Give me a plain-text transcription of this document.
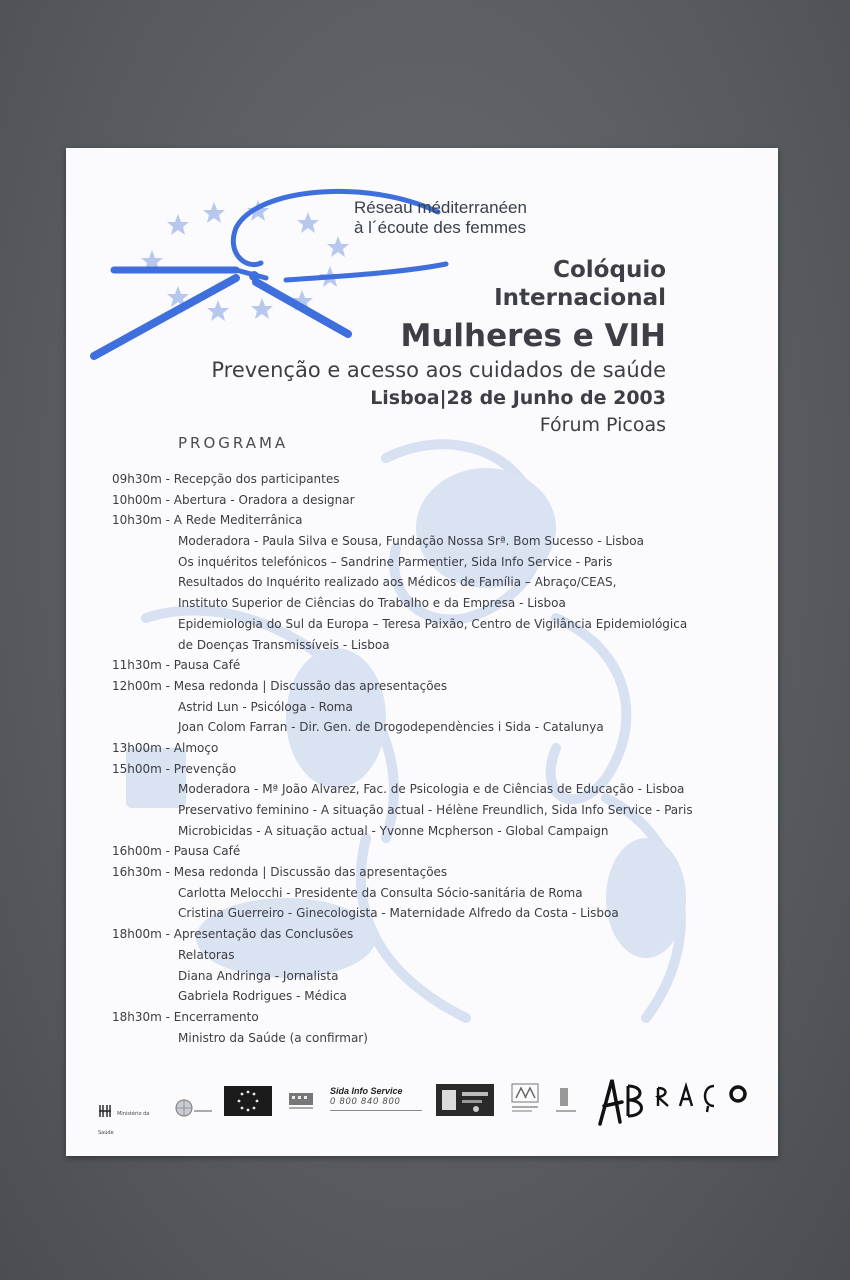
Réseau méditerranéen
à l´écoute des femmes
Colóquio
Internacional
Mulheres e VIH
Prevenção e acesso aos cuidados de saúde
Lisboa|28 de Junho de 2003
Fórum Picoas
PROGRAMA
09h30m - Recepção dos participantes
10h00m - Abertura - Oradora a designar
10h30m - A Rede Mediterrânica
Moderadora - Paula Silva e Sousa, Fundação Nossa Srª. Bom Sucesso - Lisboa
Os inquéritos telefónicos – Sandrine Parmentier, Sida Info Service - Paris
Resultados do Inquérito realizado aos Médicos de Família – Abraço/CEAS,
Instituto Superior de Ciências do Trabalho e da Empresa - Lisboa
Epidemiologia do Sul da Europa – Teresa Paixão, Centro de Vigilância Epidemiológica
de Doenças Transmissíveis - Lisboa
11h30m - Pausa Café
12h00m - Mesa redonda | Discussão das apresentações
Astrid Lun - Psicóloga - Roma
Joan Colom Farran - Dir. Gen. de Drogodependències i Sida - Catalunya
13h00m - Almoço
15h00m - Prevenção
Moderadora - Mª João Alvarez, Fac. de Psicologia e de Ciências de Educação - Lisboa
Preservativo feminino - A situação actual - Hélène Freundlich, Sida Info Service - Paris
Microbicidas - A situação actual - Yvonne Mcpherson - Global Campaign
16h00m - Pausa Café
16h30m - Mesa redonda | Discussão das apresentações
Carlotta Melocchi - Presidente da Consulta Sócio-sanitária de Roma
Cristina Guerreiro - Ginecologista - Maternidade Alfredo da Costa - Lisboa
18h00m - Apresentação das Conclusões
Relatoras
Diana Andringa - Jornalista
Gabriela Rodrigues - Médica
18h30m - Encerramento
Ministro da Saúde (a confirmar)
Ministério da Saúde
Sida Info Service
0 800 840 800
